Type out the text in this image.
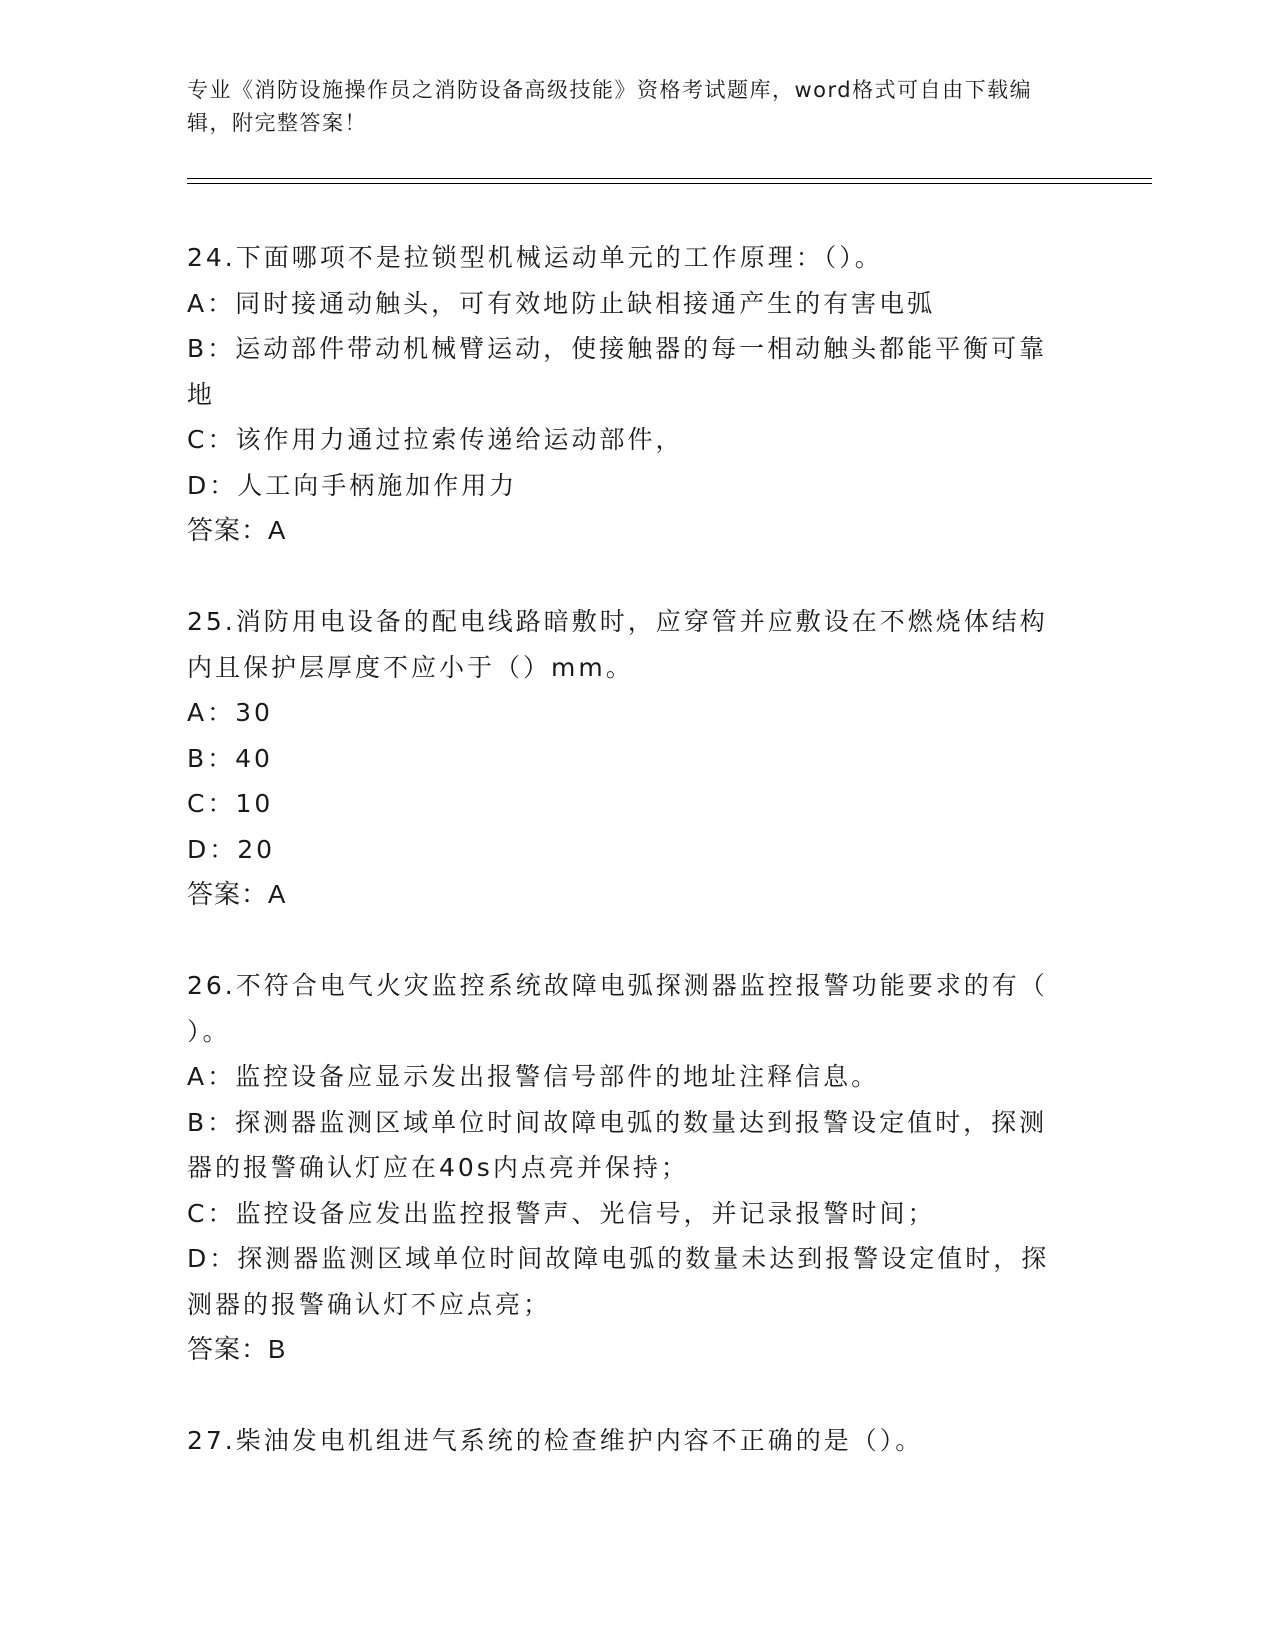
专业《消防设施操作员之消防设备高级技能》资格考试题库，word格式可自由下载编辑，附完整答案！
24.下面哪项不是拉锁型机械运动单元的工作原理：（）。
A：同时接通动触头，可有效地防止缺相接通产生的有害电弧
B：运动部件带动机械臂运动，使接触器的每一相动触头都能平衡可靠
地
C：该作用力通过拉索传递给运动部件，
D：人工向手柄施加作用力
答案：A
25.消防用电设备的配电线路暗敷时，应穿管并应敷设在不燃烧体结构
内且保护层厚度不应小于（）mm。
A：30
B：40
C：10
D：20
答案：A
26.不符合电气火灾监控系统故障电弧探测器监控报警功能要求的有（
）。
A：监控设备应显示发出报警信号部件的地址注释信息。
B：探测器监测区域单位时间故障电弧的数量达到报警设定值时，探测
器的报警确认灯应在40s内点亮并保持；
C：监控设备应发出监控报警声、光信号，并记录报警时间；
D：探测器监测区域单位时间故障电弧的数量未达到报警设定值时，探
测器的报警确认灯不应点亮；
答案：B
27.柴油发电机组进气系统的检查维护内容不正确的是（）。
